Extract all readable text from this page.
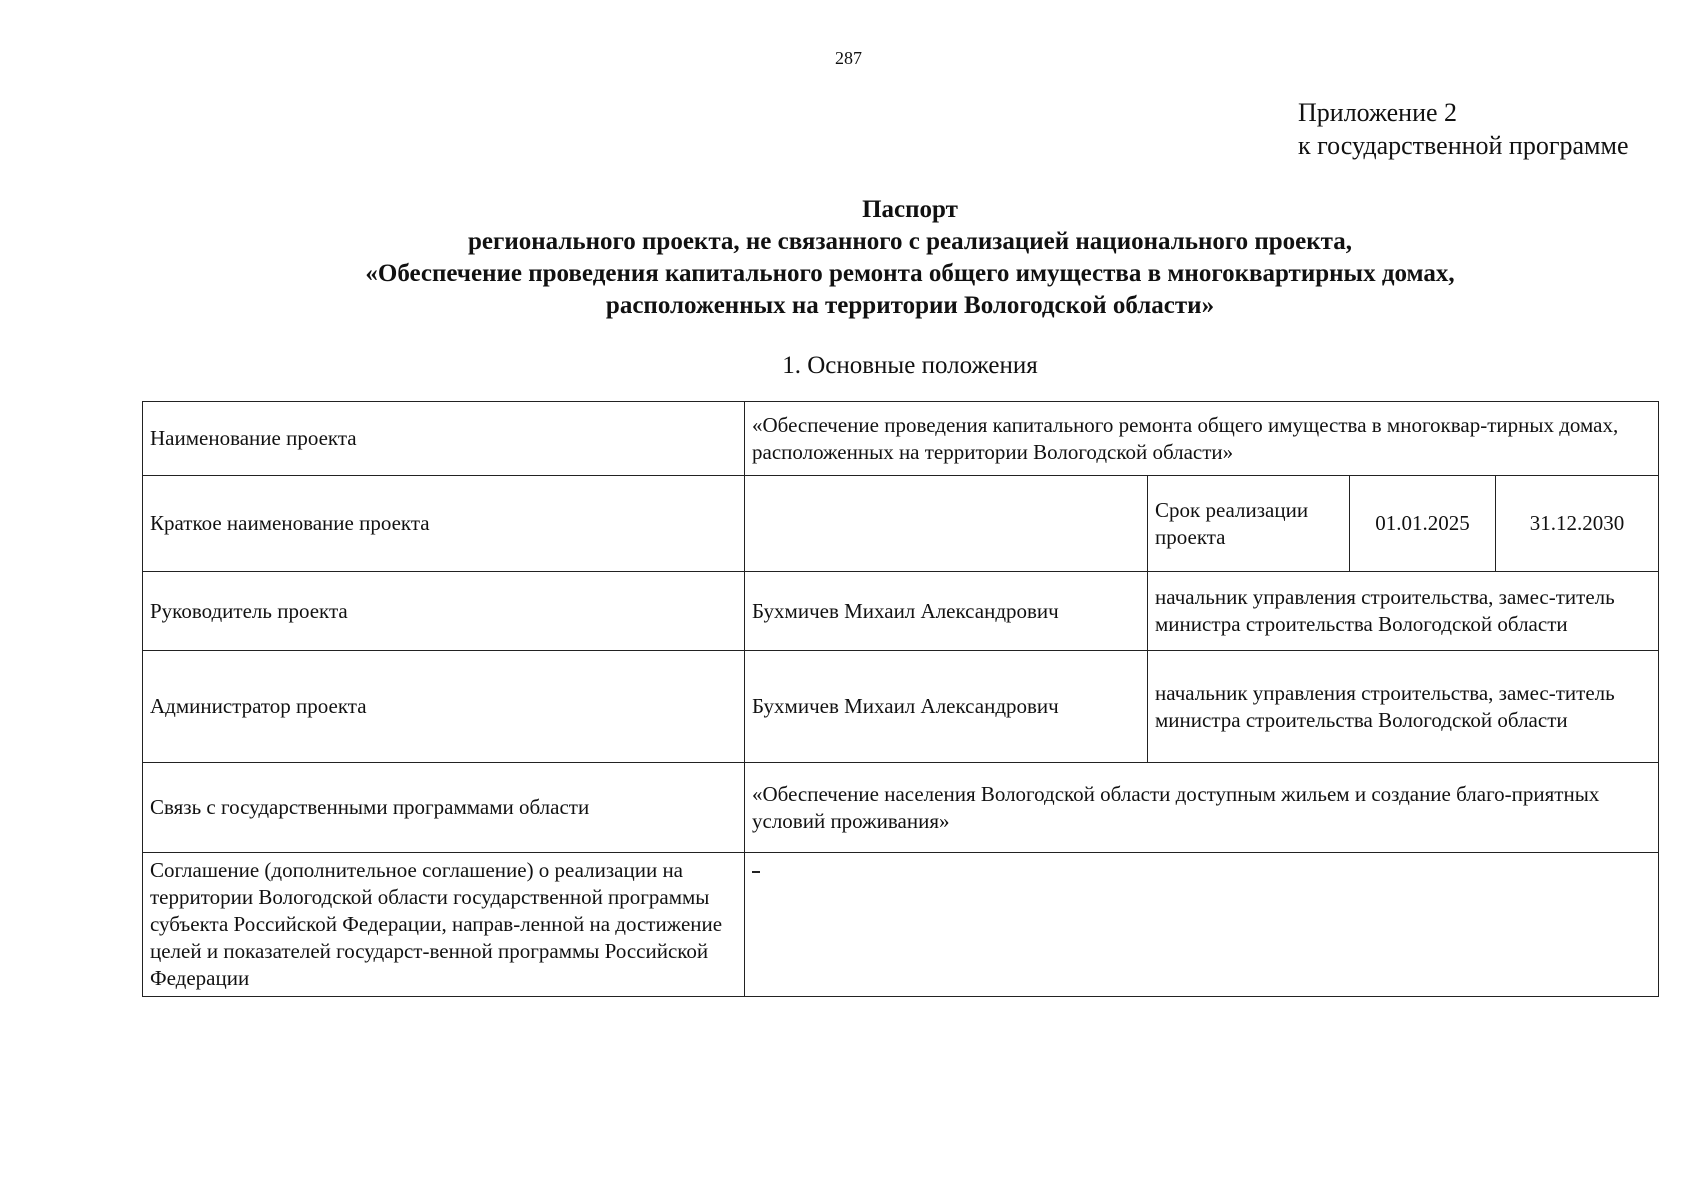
287
Приложение 2
к государственной программе
Паспорт
регионального проекта, не связанного с реализацией национального проекта,
«Обеспечение проведения капитального ремонта общего имущества в многоквартирных домах,
расположенных на территории Вологодской области»
1. Основные положения
Наименование проекта	«Обеспечение проведения капитального ремонта общего имущества в многоквар-тирных домах, расположенных на территории Вологодской области»			
Краткое наименование проекта		Срок реализации проекта	01.01.2025	31.12.2030
Руководитель проекта	Бухмичев Михаил Александрович	начальник управления строительства, замес-титель министра строительства Вологодской области		
Администратор проекта	Бухмичев Михаил Александрович	начальник управления строительства, замес-титель министра строительства Вологодской области		
Связь с государственными программами области	«Обеспечение населения Вологодской области доступным жильем и создание благо-приятных условий проживания»			
Соглашение (дополнительное соглашение) о реализации на территории Вологодской области государственной программы субъекта Российской Федерации, направ-ленной на достижение целей и показателей государст-венной программы Российской Федерации				
